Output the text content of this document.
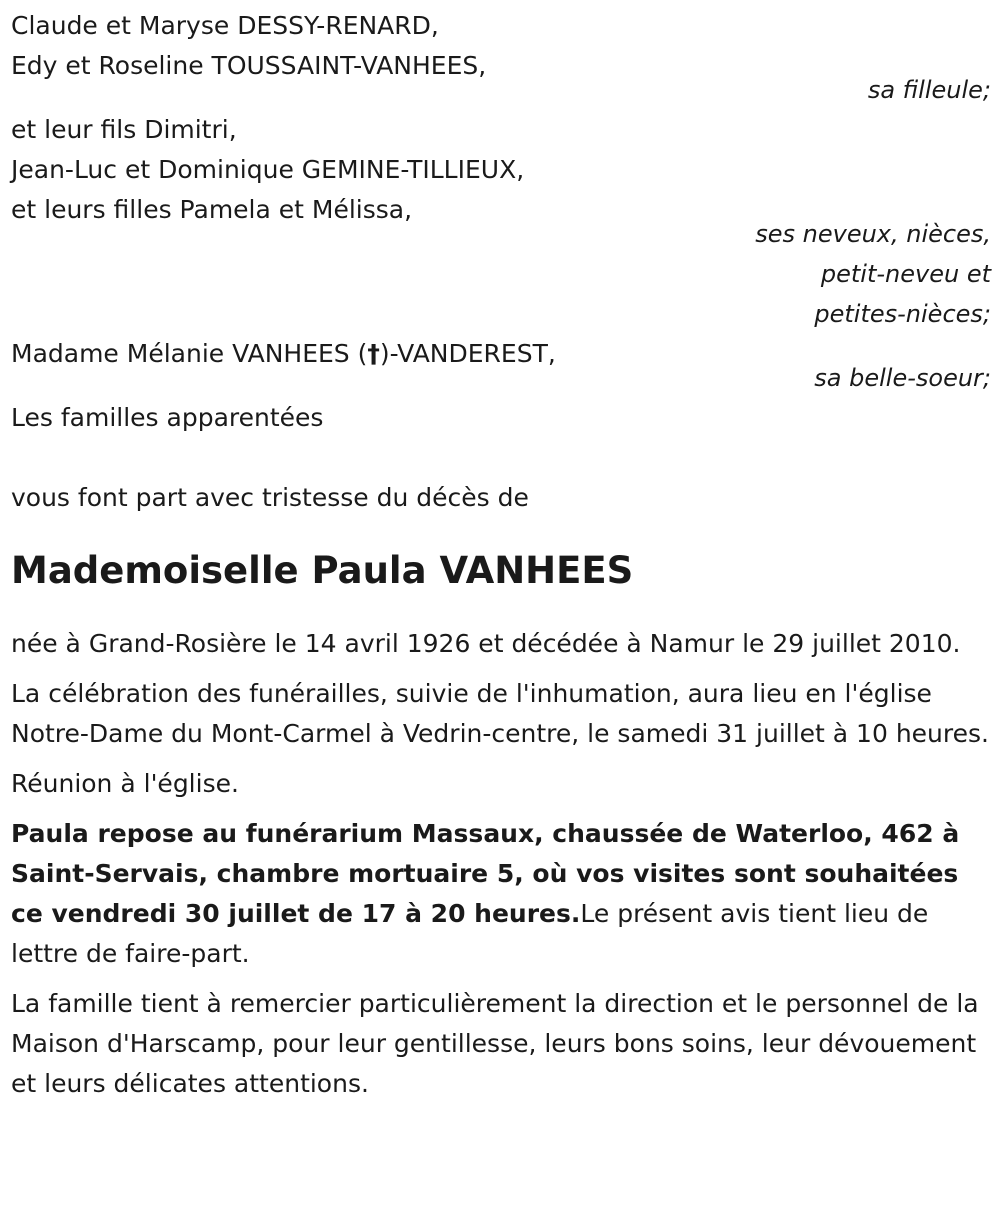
Claude et Maryse DESSY-RENARD,
Edy et Roseline TOUSSAINT-VANHEES,
sa filleule;
et leur fils Dimitri,
Jean-Luc et Dominique GEMINE-TILLIEUX,
et leurs filles Pamela et Mélissa,
ses neveux, nièces,
petit-neveu et
petites-nièces;
Madame Mélanie VANHEES (†)-VANDEREST,
sa belle-soeur;
Les familles apparentées
vous font part avec tristesse du décès de
Mademoiselle Paula VANHEES
née à Grand-Rosière le 14 avril 1926 et décédée à Namur le 29 juillet 2010.
La célébration des funérailles, suivie de l'inhumation, aura lieu en l'église Notre-Dame du Mont-Carmel à Vedrin-centre, le samedi 31 juillet à 10 heures.
Réunion à l'église.
Paula repose au funérarium Massaux, chaussée de Waterloo, 462 à Saint-Servais, chambre mortuaire 5, où vos visites sont souhaitées ce vendredi 30 juillet de 17 à 20 heures.Le présent avis tient lieu de lettre de faire-part.
La famille tient à remercier particulièrement la direction et le personnel de la Maison d'Harscamp, pour leur gentillesse, leurs bons soins, leur dévouement et leurs délicates attentions.
